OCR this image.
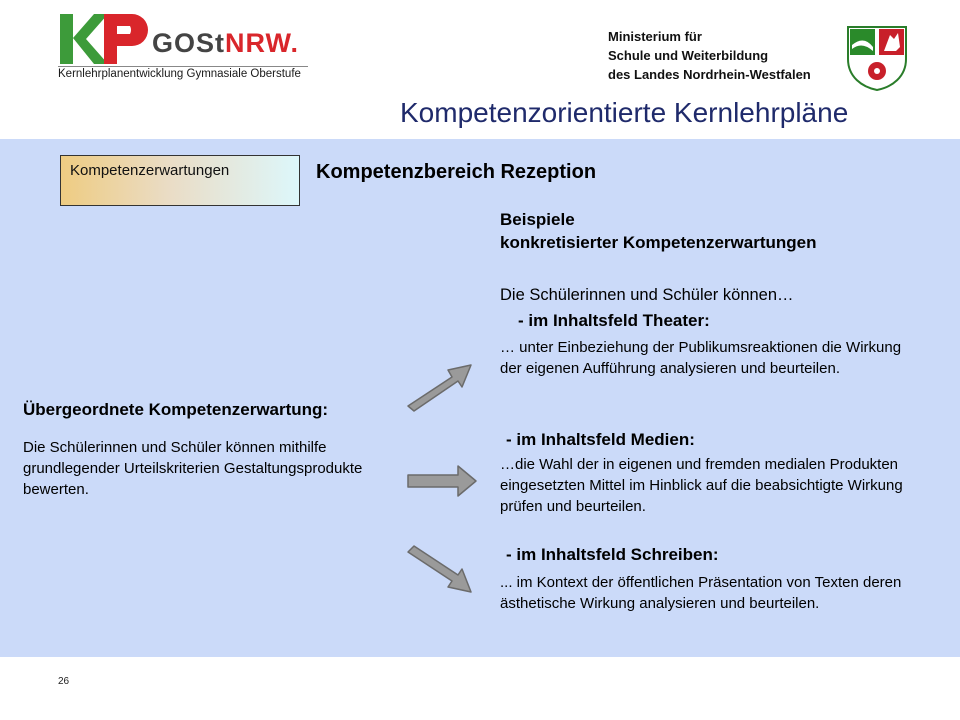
GOStNRW.
Kernlehrplanentwicklung Gymnasiale Oberstufe
Ministerium für
Schule und Weiterbildung
des Landes Nordrhein-Westfalen
Kompetenzorientierte Kernlehrpläne
Kompetenzerwartungen	Kompetenzbereich Rezeption
Übergeordnete Kompetenzerwartung:
Die Schülerinnen und Schüler können mithilfe grundlegender Urteilskriterien Gestaltungsprodukte bewerten.
Beispiele
konkretisierter Kompetenzerwartungen
Die Schülerinnen und Schüler können…
- im Inhaltsfeld Theater:
… unter Einbeziehung der Publikumsreaktionen die Wirkung der eigenen Aufführung analysieren und beurteilen.
- im Inhaltsfeld Medien:
…die Wahl der in eigenen und fremden medialen Produkten eingesetzten Mittel im Hinblick auf die beabsichtigte Wirkung prüfen und beurteilen.
- im Inhaltsfeld Schreiben:
... im Kontext der öffentlichen Präsentation von Texten deren ästhetische Wirkung analysieren und beurteilen.
26
